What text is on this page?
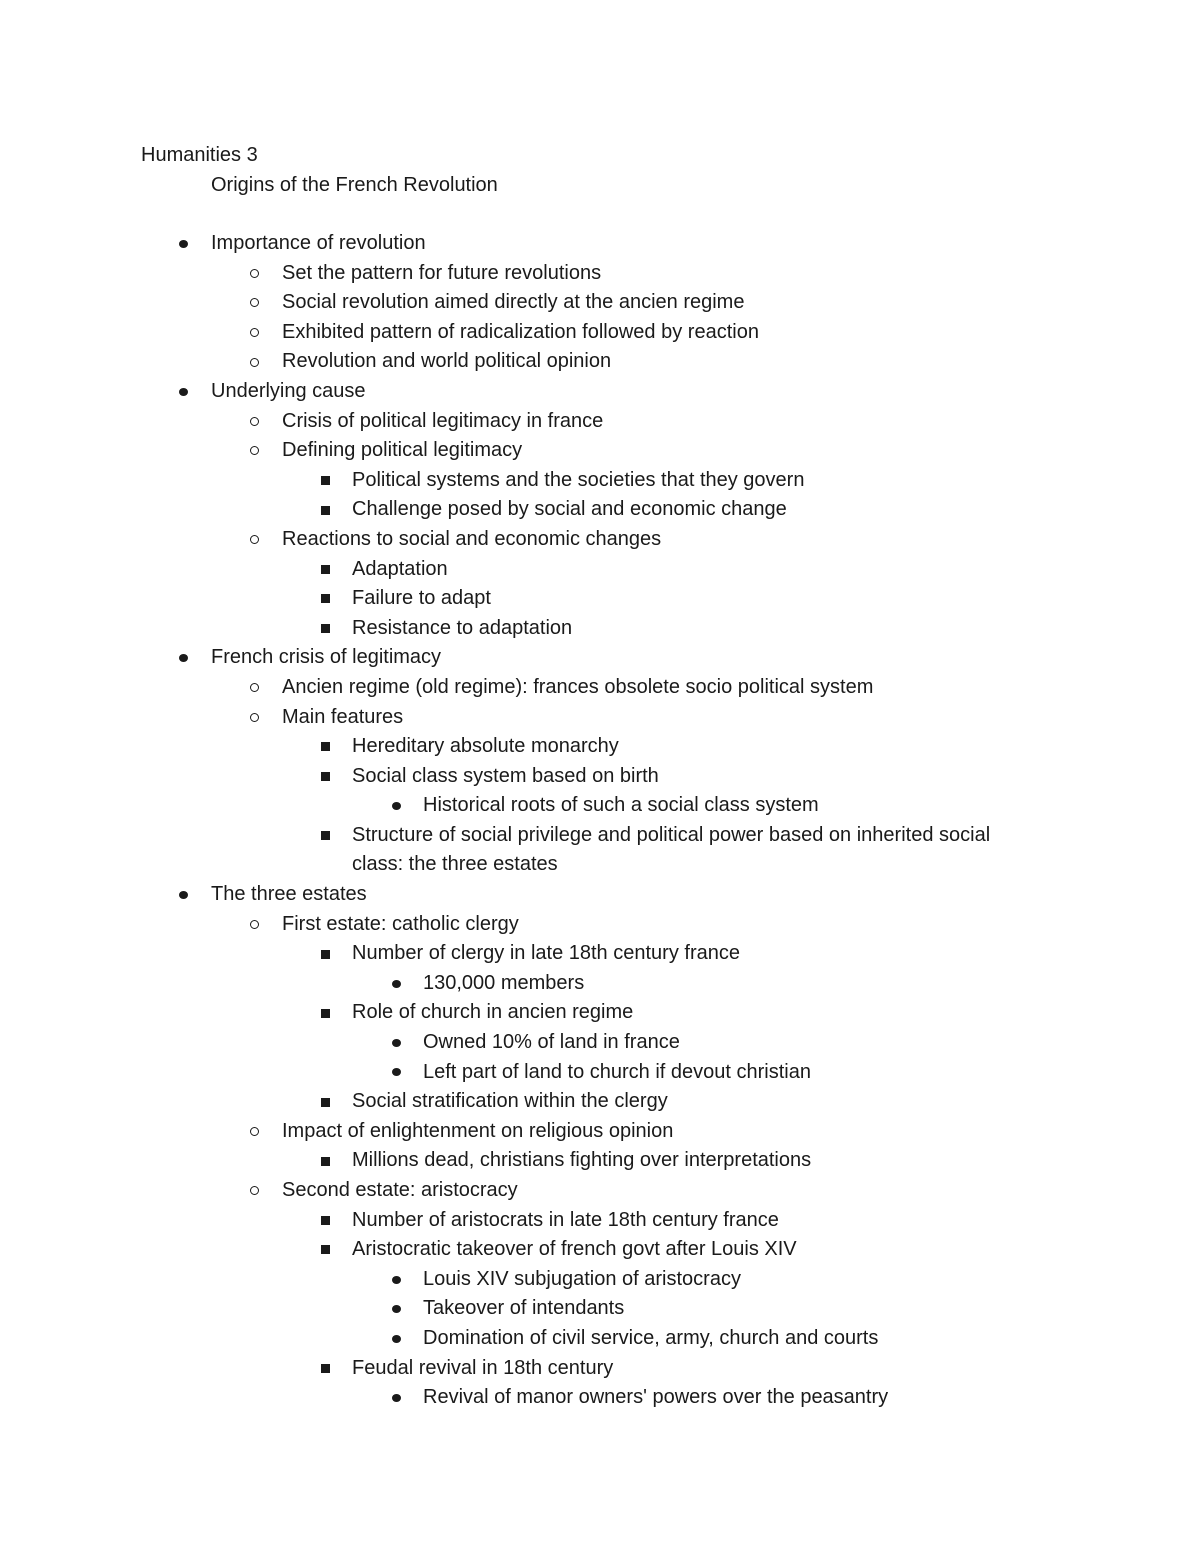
Humanities 3
Origins of the French Revolution
Importance of revolution
Set the pattern for future revolutions
Social revolution aimed directly at the ancien regime
Exhibited pattern of radicalization followed by reaction
Revolution and world political opinion
Underlying cause
Crisis of political legitimacy in france
Defining political legitimacy
Political systems and the societies that they govern
Challenge posed by social and economic change
Reactions to social and economic changes
Adaptation
Failure to adapt
Resistance to adaptation
French crisis of legitimacy
Ancien regime (old regime): frances obsolete socio political system
Main features
Hereditary absolute monarchy
Social class system based on birth
Historical roots of such a social class system
Structure of social privilege and political power based on inherited social class: the three estates
The three estates
First estate: catholic clergy
Number of clergy in late 18th century france
130,000 members
Role of church in ancien regime
Owned 10% of land in france
Left part of land to church if devout christian
Social stratification within the clergy
Impact of enlightenment on religious opinion
Millions dead, christians fighting over interpretations
Second estate: aristocracy
Number of aristocrats in late 18th century france
Aristocratic takeover of french govt after Louis XIV
Louis XIV subjugation of aristocracy
Takeover of intendants
Domination of civil service, army, church and courts
Feudal revival in 18th century
Revival of manor owners' powers over the peasantry
